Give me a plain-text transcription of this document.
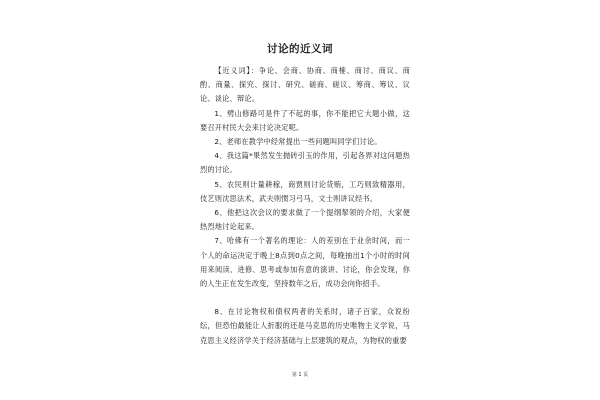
讨论的近义词

【近义词】：争论、会商、协商、商榷、商讨、商议、商酌、商量、探究、探讨、研究、磋商、磋议、筹商、筹议、议论、谈论、辩论。

1、劈山修路可是件了不起的事，你不能把它大题小做，这要召开村民大会来讨论决定呢。

2、老师在教学中经常提出一些问题叫同学们讨论。

4、我这篇*果然发生抛砖引玉的作用，引起各界对这问题热烈的讨论。

5、农民则计量耕稼，商贾则讨论货贿，工巧则致精器用，伎艺则沈思法术，武夫则惯习弓马，文士则讲议经书。

6、他把这次会议的要求做了一个提纲挈领的介绍，大家便热烈地讨论起来。

7、哈佛有一个著名的理论：人的差别在于业余时间，而一个人的命运决定于晚上8点到0点之间，每晚抽出1个小时的时间用来阅读、进修、思考或参加有意的演讲、讨论，你会发现，你的人生正在发生改变，坚持数年之后，成功会向你招手。

8、在讨论物权和债权两者的关系时，诸子百家，众说纷纭，但恐怕最能让人折服的还是马克思的历史唯物主义学说，马克思主义经济学关于经济基础与上层建筑的观点，为物权的重要

第 1 页
